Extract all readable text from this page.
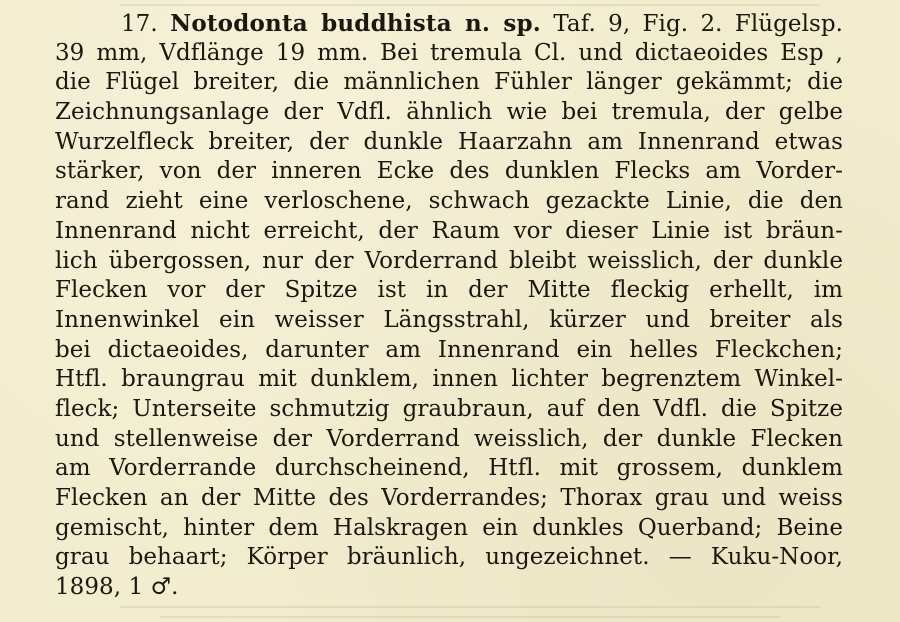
17. Notodonta buddhista n. sp. Taf. 9, Fig. 2. Flügelsp.
39 mm, Vdflänge 19 mm. Bei tremula Cl. und dictaeoides Esp ,
die Flügel breiter, die männlichen Fühler länger gekämmt; die
Zeichnungsanlage der Vdfl. ähnlich wie bei tremula, der gelbe
Wurzelfleck breiter, der dunkle Haarzahn am Innenrand etwas
stärker, von der inneren Ecke des dunklen Flecks am Vorder-
rand zieht eine verloschene, schwach gezackte Linie, die den
Innenrand nicht erreicht, der Raum vor dieser Linie ist bräun-
lich übergossen, nur der Vorderrand bleibt weisslich, der dunkle
Flecken vor der Spitze ist in der Mitte fleckig erhellt, im
Innenwinkel ein weisser Längsstrahl, kürzer und breiter als
bei dictaeoides, darunter am Innenrand ein helles Fleckchen;
Htfl. braungrau mit dunklem, innen lichter begrenztem Winkel-
fleck; Unterseite schmutzig graubraun, auf den Vdfl. die Spitze
und stellenweise der Vorderrand weisslich, der dunkle Flecken
am Vorderrande durchscheinend, Htfl. mit grossem, dunklem
Flecken an der Mitte des Vorderrandes; Thorax grau und weiss
gemischt, hinter dem Halskragen ein dunkles Querband; Beine
grau behaart; Körper bräunlich, ungezeichnet. — Kuku-Noor,
1898, 1 ♂.
